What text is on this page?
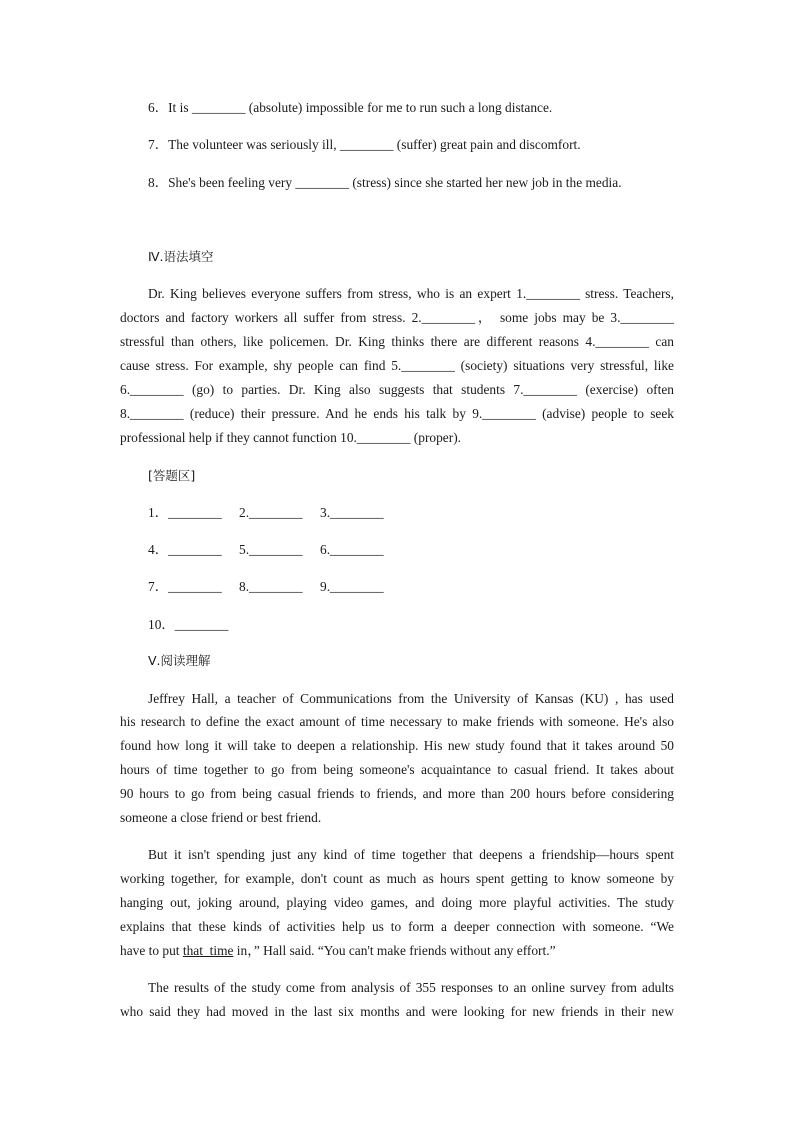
6．It is ________ (absolute) impossible for me to run such a long distance.
7．The volunteer was seriously ill, ________ (suffer) great pain and discomfort.
8．She's been feeling very ________ (stress) since she started her new job in the media.
Ⅳ.语法填空
Dr. King believes everyone suffers from stress, who is an expert 1.________ stress. Teachers,
doctors and factory workers all suffer from stress. 2.________， some jobs may be 3.________
stressful than others, like policemen. Dr. King thinks there are different reasons 4.________ can
cause stress. For example, shy people can find 5.________ (society) situations very stressful, like
6.________ (go) to parties. Dr. King also suggests that students 7.________ (exercise) often
8.________ (reduce) their pressure. And he ends his talk by 9.________ (advise) people to seek
professional help if they cannot function 10.________ (proper).
[答题区]
1．________ 2.________ 3.________
4．________ 5.________ 6.________
7．________ 8.________ 9.________
10．________
Ⅴ.阅读理解
Jeffrey Hall, a teacher of Communications from the University of Kansas (KU) , has used
his research to define the exact amount of time necessary to make friends with someone. He's also
found how long it will take to deepen a relationship. His new study found that it takes around 50
hours of time together to go from being someone's acquaintance to casual friend. It takes about
90 hours to go from being casual friends to friends, and more than 200 hours before considering
someone a close friend or best friend.
But it isn't spending just any kind of time together that deepens a friendship—hours spent
working together, for example, don't count as much as hours spent getting to know someone by
hanging out, joking around, playing video games, and doing more playful activities. The study
explains that these kinds of activities help us to form a deeper connection with someone. “We
have to put that  time in，” Hall said. “You can't make friends without any effort.”
The results of the study come from analysis of 355 responses to an online survey from adults
who said they had moved in the last six months and were looking for new friends in their new
